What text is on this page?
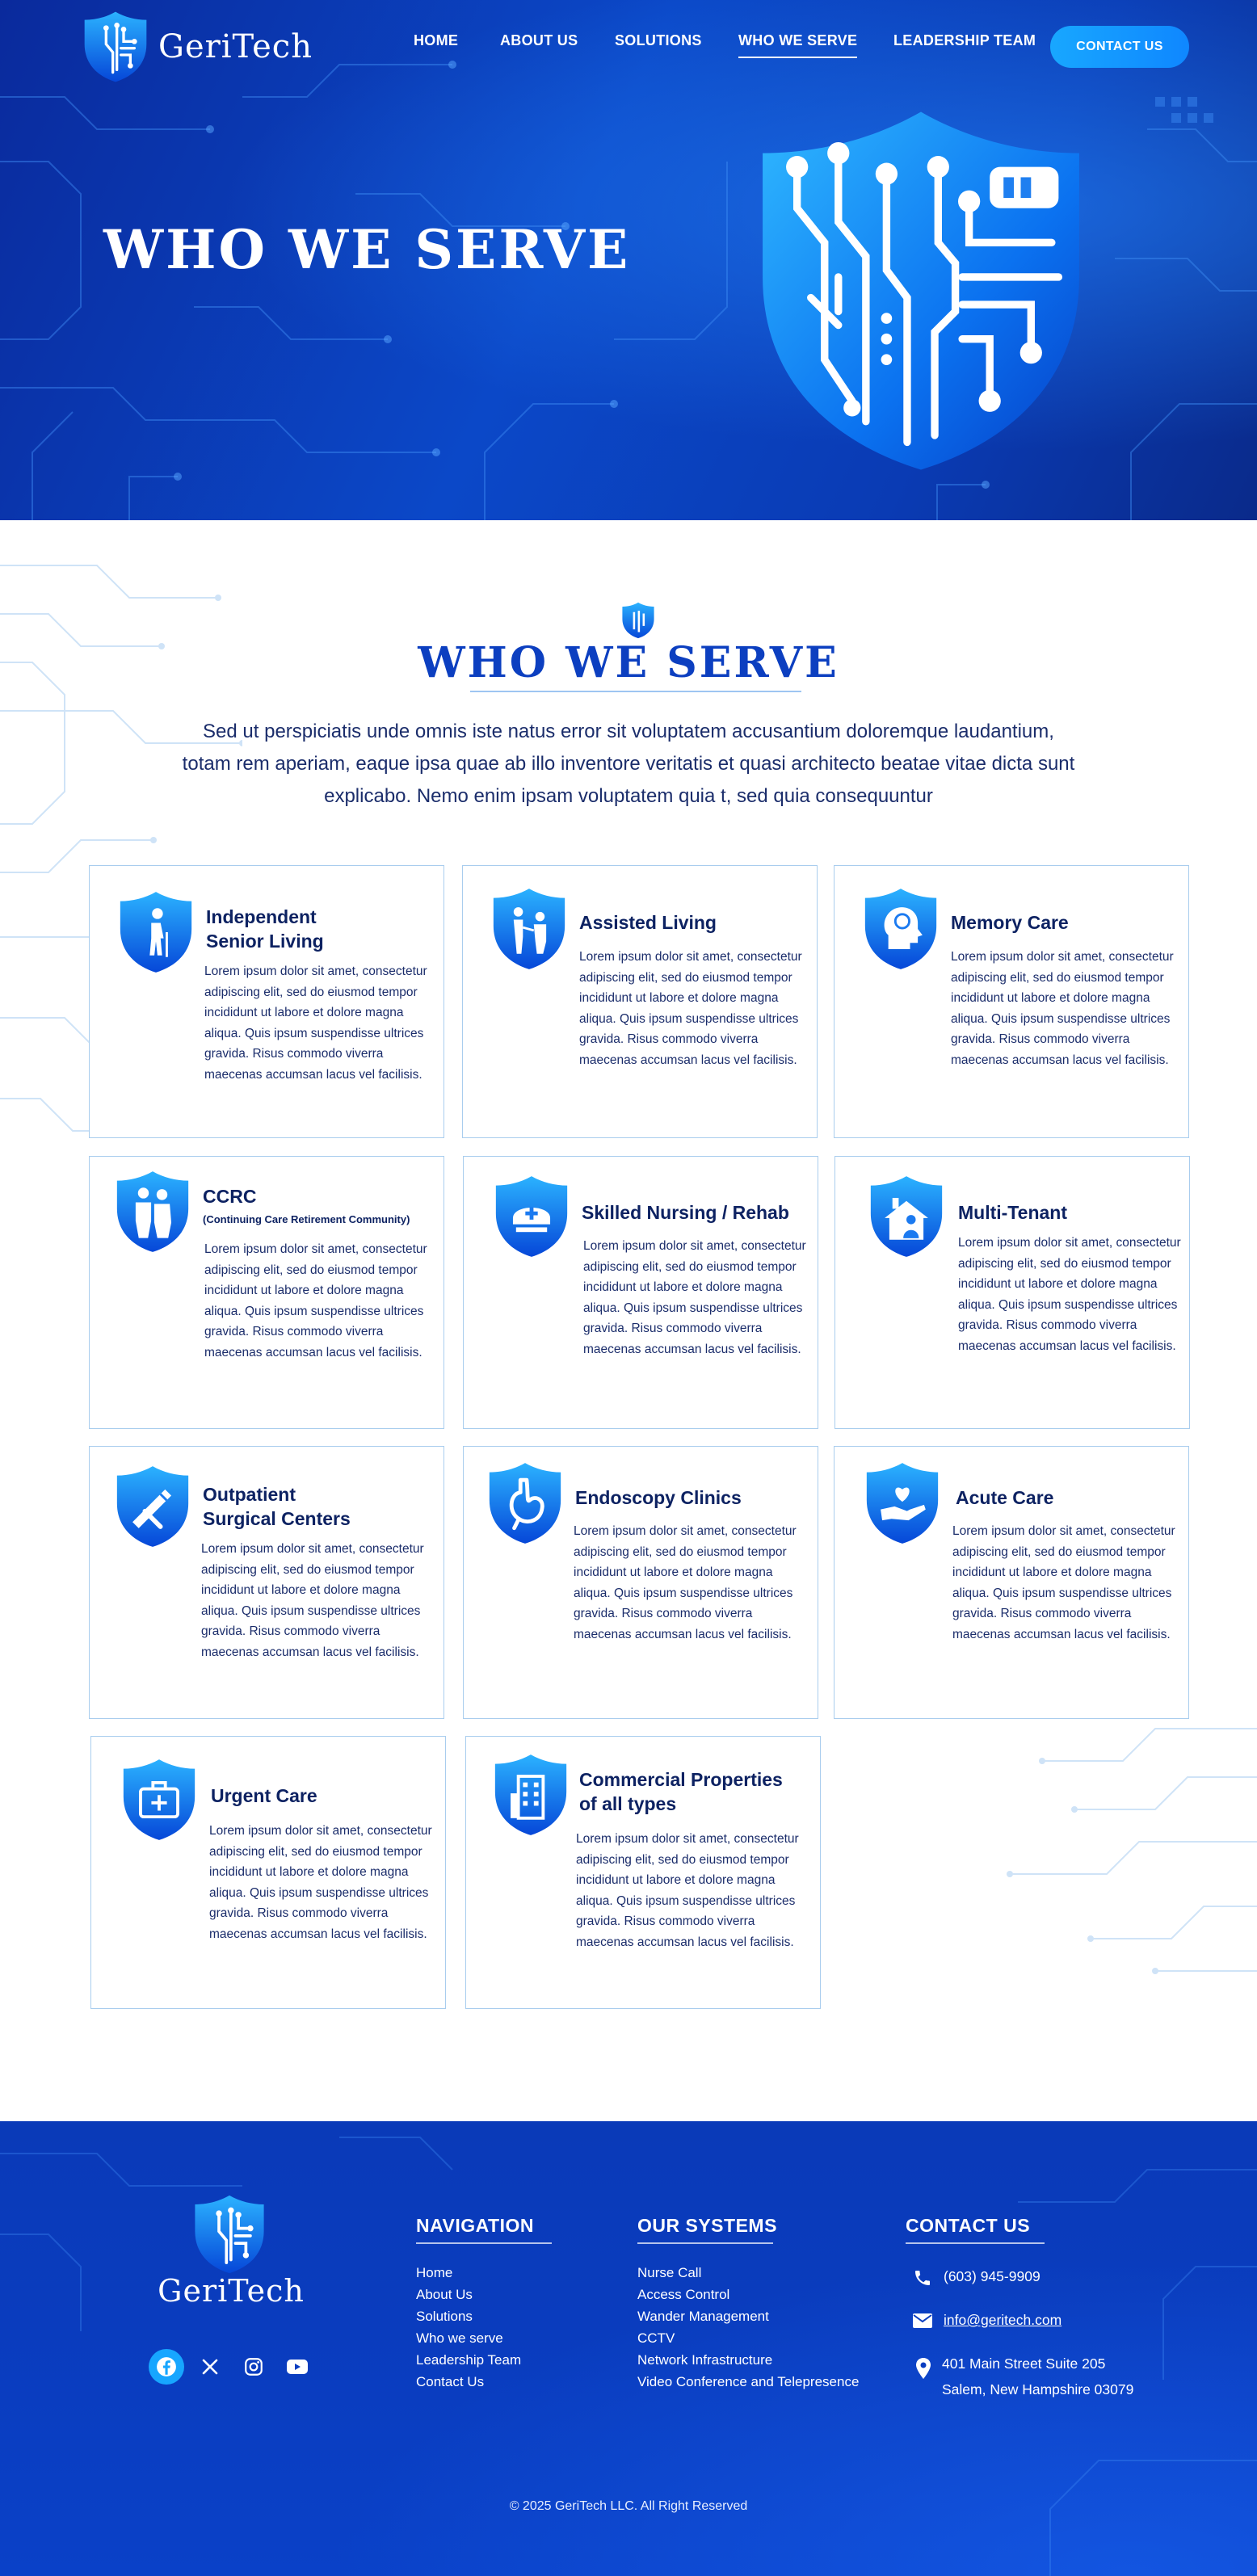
GeriTech	HOME	ABOUT US	SOLUTIONS	WHO WE SERVE LEADERSHIP TEAM	CONTACT US
WHO WE SERVE
WHO WE SERVE

Sed ut perspiciatis unde omnis iste natus error sit voluptatem accusantium doloremque laudantium, totam rem aperiam, eaque ipsa quae ab illo inventore veritatis et quasi architecto beatae vitae dicta sunt explicabo. Nemo enim ipsam voluptatem quia t, sed quia consequuntur

Independent
Senior Living
Lorem ipsum dolor sit amet, consectetur adipiscing elit, sed do eiusmod tempor incididunt ut labore et dolore magna aliqua. Quis ipsum suspendisse ultrices gravida. Risus commodo viverra maecenas accumsan lacus vel facilisis.
Assisted Living
Lorem ipsum dolor sit amet, consectetur adipiscing elit, sed do eiusmod tempor incididunt ut labore et dolore magna aliqua. Quis ipsum suspendisse ultrices gravida. Risus commodo viverra maecenas accumsan lacus vel facilisis.
Memory Care
Lorem ipsum dolor sit amet, consectetur adipiscing elit, sed do eiusmod tempor incididunt ut labore et dolore magna aliqua. Quis ipsum suspendisse ultrices gravida. Risus commodo viverra maecenas accumsan lacus vel facilisis.
CCRC
(Continuing Care Retirement Community)
Lorem ipsum dolor sit amet, consectetur adipiscing elit, sed do eiusmod tempor incididunt ut labore et dolore magna aliqua. Quis ipsum suspendisse ultrices gravida. Risus commodo viverra maecenas accumsan lacus vel facilisis.
Skilled Nursing / Rehab
Lorem ipsum dolor sit amet, consectetur adipiscing elit, sed do eiusmod tempor incididunt ut labore et dolore magna aliqua. Quis ipsum suspendisse ultrices gravida. Risus commodo viverra maecenas accumsan lacus vel facilisis.
Multi-Tenant
Lorem ipsum dolor sit amet, consectetur adipiscing elit, sed do eiusmod tempor incididunt ut labore et dolore magna aliqua. Quis ipsum suspendisse ultrices gravida. Risus commodo viverra maecenas accumsan lacus vel facilisis.
Outpatient
Surgical Centers
Lorem ipsum dolor sit amet, consectetur adipiscing elit, sed do eiusmod tempor incididunt ut labore et dolore magna aliqua. Quis ipsum suspendisse ultrices gravida. Risus commodo viverra maecenas accumsan lacus vel facilisis.
Endoscopy Clinics
Lorem ipsum dolor sit amet, consectetur adipiscing elit, sed do eiusmod tempor incididunt ut labore et dolore magna aliqua. Quis ipsum suspendisse ultrices gravida. Risus commodo viverra maecenas accumsan lacus vel facilisis.
Acute Care
Lorem ipsum dolor sit amet, consectetur adipiscing elit, sed do eiusmod tempor incididunt ut labore et dolore magna aliqua. Quis ipsum suspendisse ultrices gravida. Risus commodo viverra maecenas accumsan lacus vel facilisis.
Urgent Care
Lorem ipsum dolor sit amet, consectetur adipiscing elit, sed do eiusmod tempor incididunt ut labore et dolore magna aliqua. Quis ipsum suspendisse ultrices gravida. Risus commodo viverra maecenas accumsan lacus vel facilisis.
Commercial Properties
of all types
Lorem ipsum dolor sit amet, consectetur adipiscing elit, sed do eiusmod tempor incididunt ut labore et dolore magna aliqua. Quis ipsum suspendisse ultrices gravida. Risus commodo viverra maecenas accumsan lacus vel facilisis.
GeriTech
NAVIGATION
Home
About Us
Solutions
Who we serve
Leadership Team
Contact Us
OUR SYSTEMS
Nurse Call
Access Control
Wander Management
CCTV
Network Infrastructure
Video Conference and Telepresence
CONTACT US
(603) 945-9909
info@geritech.com
401 Main Street Suite 205
Salem, New Hampshire 03079
© 2025 GeriTech LLC. All Right Reserved
